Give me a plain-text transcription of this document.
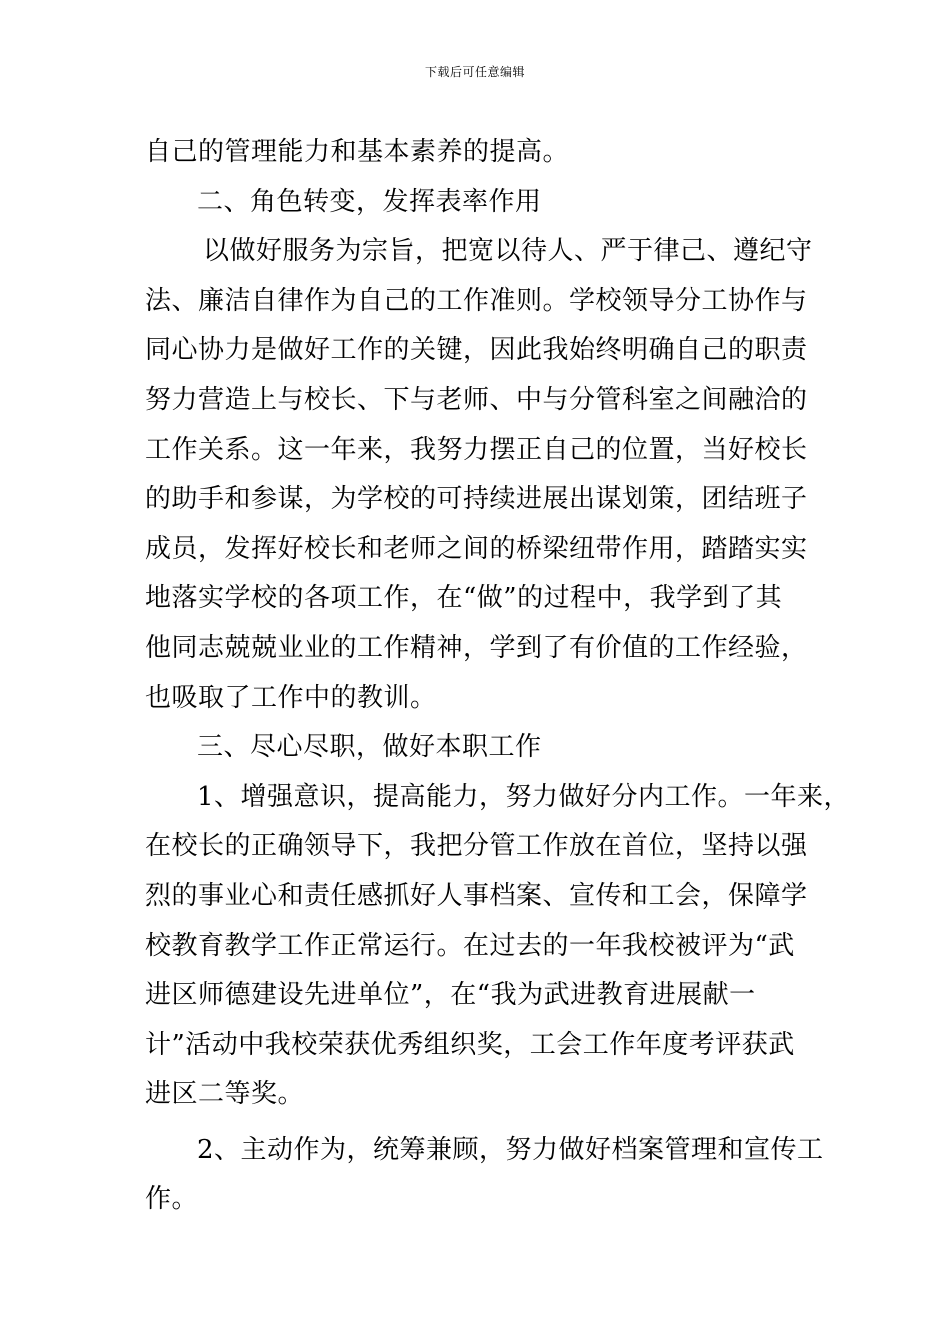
下载后可任意编辑
自己的管理能力和基本素养的提高。
二、角色转变，发挥表率作用
以做好服务为宗旨，把宽以待人、严于律己、遵纪守
法、廉洁自律作为自己的工作准则。学校领导分工协作与
同心协力是做好工作的关键，因此我始终明确自己的职责
努力营造上与校长、下与老师、中与分管科室之间融洽的
工作关系。这一年来，我努力摆正自己的位置，当好校长
的助手和参谋，为学校的可持续进展出谋划策，团结班子
成员，发挥好校长和老师之间的桥梁纽带作用，踏踏实实
地落实学校的各项工作，在“做”的过程中，我学到了其
他同志兢兢业业的工作精神，学到了有价值的工作经验，
也吸取了工作中的教训。
三、尽心尽职，做好本职工作
1、增强意识，提高能力，努力做好分内工作。一年来，
在校长的正确领导下，我把分管工作放在首位，坚持以强
烈的事业心和责任感抓好人事档案、宣传和工会，保障学
校教育教学工作正常运行。在过去的一年我校被评为“武
进区师德建设先进单位”，在“我为武进教育进展献一
计”活动中我校荣获优秀组织奖，工会工作年度考评获武
进区二等奖。
2、主动作为，统筹兼顾，努力做好档案管理和宣传工
作。
